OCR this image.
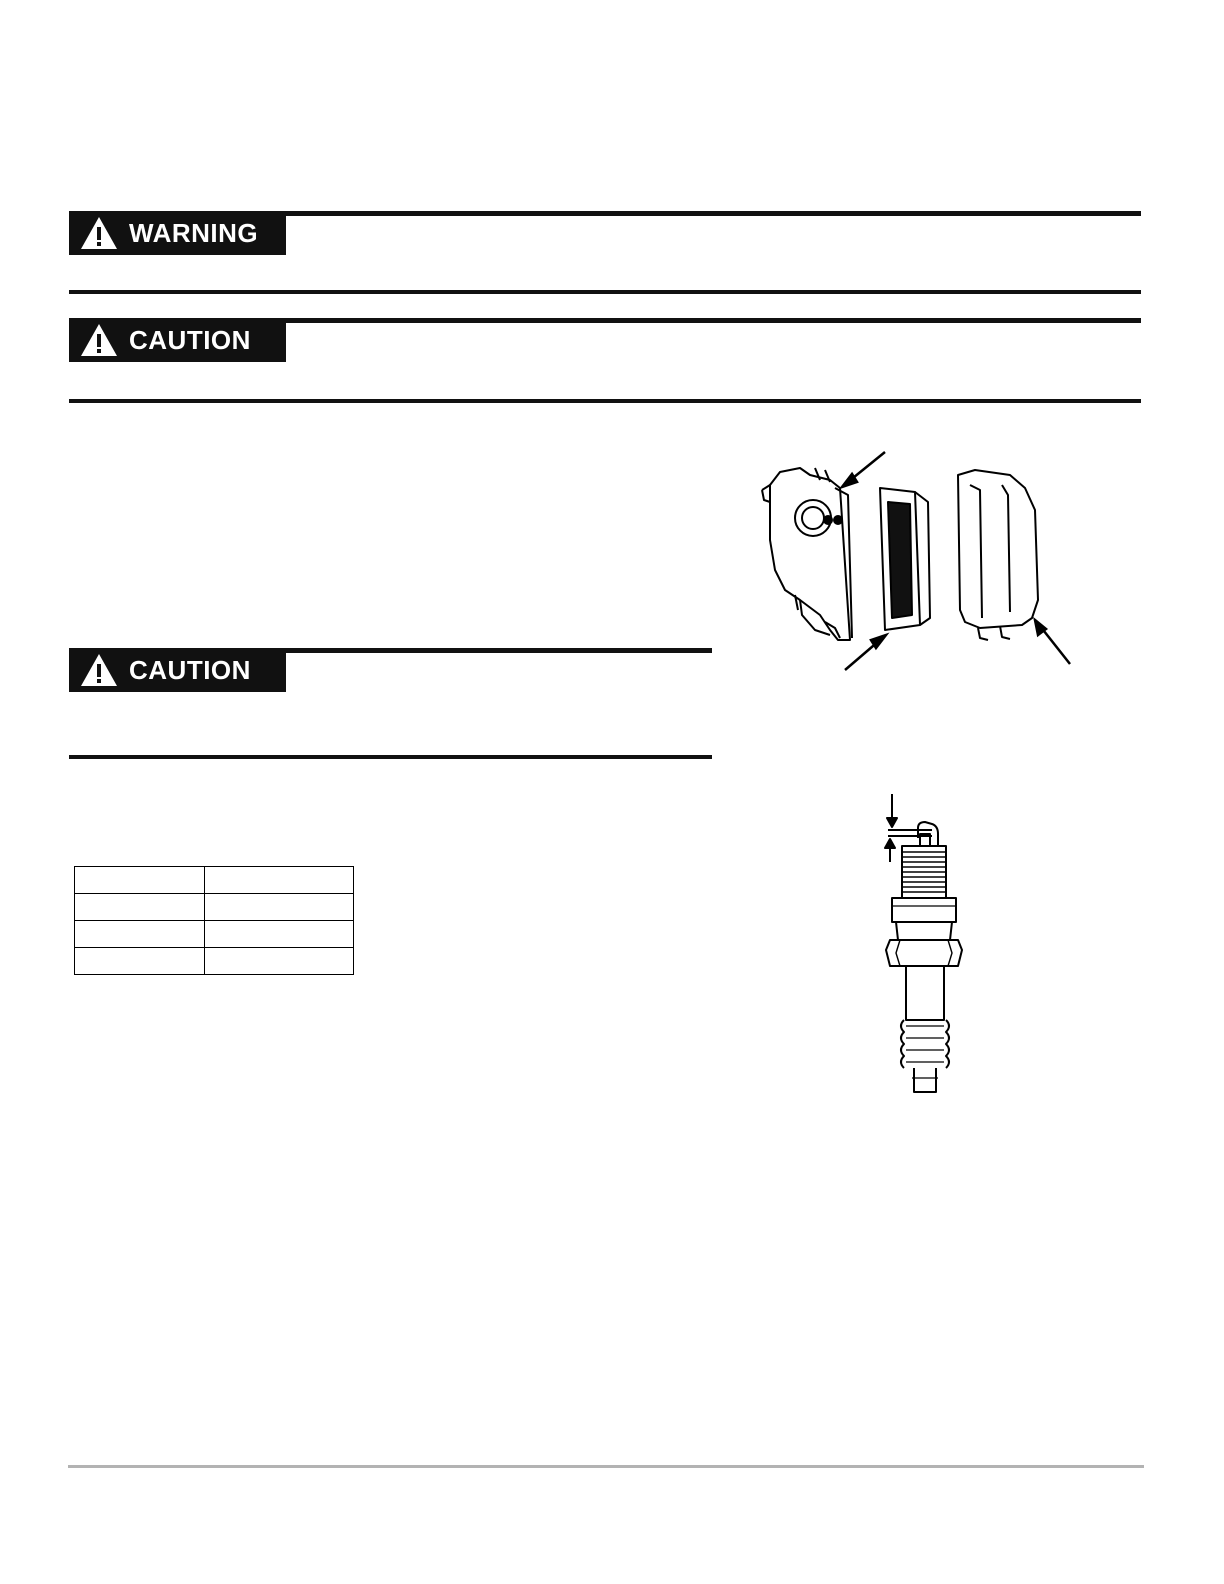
WARNING
CAUTION
CAUTION
